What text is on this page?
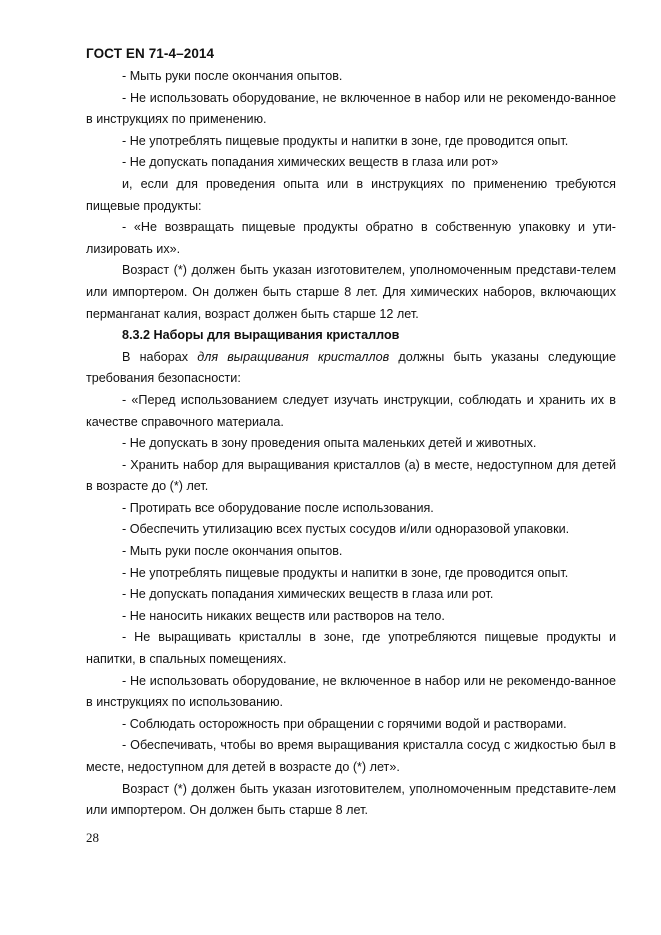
ГОСТ EN 71-4–2014

- Мыть руки после окончания опытов.

- Не использовать оборудование, не включенное в набор или не рекомендо-ванное в инструкциях по применению.

- Не употреблять пищевые продукты и напитки в зоне, где проводится опыт.

- Не допускать попадания химических веществ в глаза или рот»

и, если для проведения опыта или в инструкциях по применению требуются пищевые продукты:

- «Не возвращать пищевые продукты обратно в собственную упаковку и ути-лизировать их».

Возраст (*) должен быть указан изготовителем, уполномоченным представи-телем или импортером. Он должен быть старше 8 лет. Для химических наборов, включающих перманганат калия, возраст должен быть старше 12 лет.

8.3.2 Наборы для выращивания кристаллов

В наборах для выращивания кристаллов должны быть указаны следующие требования безопасности:

- «Перед использованием следует изучать инструкции, соблюдать и хранить их в качестве справочного материала.

- Не допускать в зону проведения опыта маленьких детей и животных.

- Хранить набор для выращивания кристаллов (а) в месте, недоступном для детей в возрасте до (*) лет.

- Протирать все оборудование после использования.

- Обеспечить утилизацию всех пустых сосудов и/или одноразовой упаковки.

- Мыть руки после окончания опытов.

- Не употреблять пищевые продукты и напитки в зоне, где проводится опыт.

- Не допускать попадания химических веществ в глаза или рот.

- Не наносить никаких веществ или растворов на тело.

- Не выращивать кристаллы в зоне, где употребляются пищевые продукты и напитки, в спальных помещениях.

- Не использовать оборудование, не включенное в набор или не рекомендо-ванное в инструкциях по использованию.

- Соблюдать осторожность при обращении с горячими водой и растворами.

- Обеспечивать, чтобы во время выращивания кристалла сосуд с жидкостью был в месте, недоступном для детей в возрасте до (*) лет».

Возраст (*) должен быть указан изготовителем, уполномоченным представите-лем или импортером. Он должен быть старше 8 лет.

28
